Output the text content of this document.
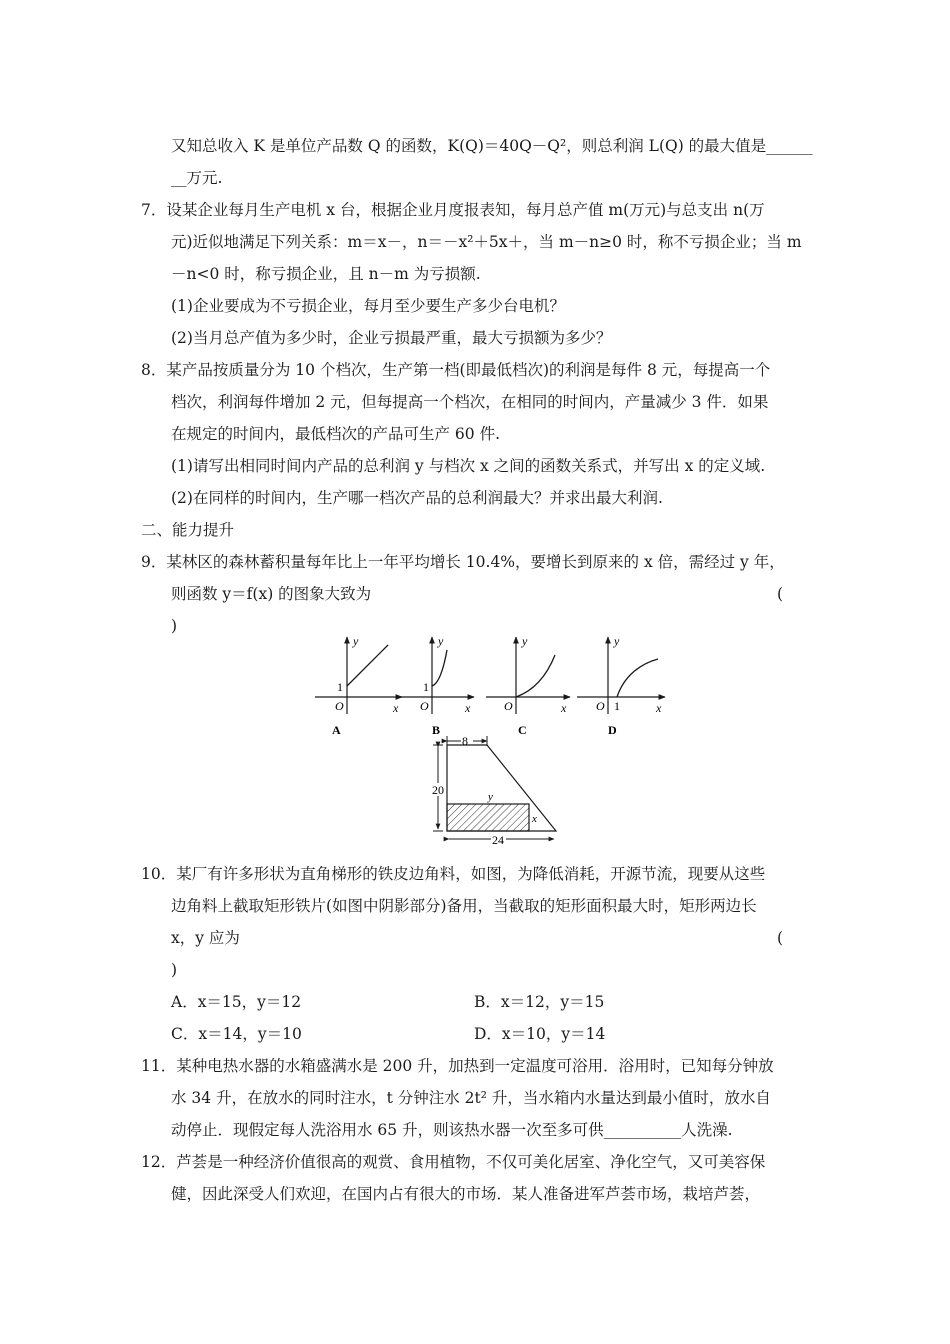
又知总收入 K 是单位产品数 Q 的函数，K(Q)＝40Q－Q²，则总利润 L(Q) 的最大值是______
__万元.
7．设某企业每月生产电机 x 台，根据企业月度报表知，每月总产值 m(万元)与总支出 n(万
元)近似地满足下列关系：m＝x－，n＝－x²＋5x＋，当 m－n≥0 时，称不亏损企业；当 m
－n<0 时，称亏损企业，且 n－m 为亏损额.
(1)企业要成为不亏损企业，每月至少要生产多少台电机？
(2)当月总产值为多少时，企业亏损最严重，最大亏损额为多少？
8．某产品按质量分为 10 个档次，生产第一档(即最低档次)的利润是每件 8 元，每提高一个
档次，利润每件增加 2 元，但每提高一个档次，在相同的时间内，产量减少 3 件．如果
在规定的时间内，最低档次的产品可生产 60 件.
(1)请写出相同时间内产品的总利润 y 与档次 x 之间的函数关系式，并写出 x 的定义域.
(2)在同样的时间内，生产哪一档次产品的总利润最大？并求出最大利润.
二、能力提升
9．某林区的森林蓄积量每年比上一年平均增长 10.4%，要增长到原来的 x 倍，需经过 y 年，
则函数 y＝f(x) 的图象大致为	(
)
10．某厂有许多形状为直角梯形的铁皮边角料，如图，为降低消耗，开源节流，现要从这些
边角料上截取矩形铁片(如图中阴影部分)备用，当截取的矩形面积最大时，矩形两边长
x，y 应为	(
)
A．x＝15，y＝12	B．x＝12，y＝15
C．x＝14，y＝10	D．x＝10，y＝14
11．某种电热水器的水箱盛满水是 200 升，加热到一定温度可浴用．浴用时，已知每分钟放
水 34 升，在放水的同时注水，t 分钟注水 2t² 升，当水箱内水量达到最小值时，放水自
动停止．现假定每人洗浴用水 65 升，则该热水器一次至多可供__________人洗澡.
12．芦荟是一种经济价值很高的观赏、食用植物，不仅可美化居室、净化空气，又可美容保
健，因此深受人们欢迎，在国内占有很大的市场．某人准备进军芦荟市场，栽培芦荟，
y
x
O
1
A
y
x
O
1
B
y
x
O
C
y
x
O 1
D
8
y
x
20
24
